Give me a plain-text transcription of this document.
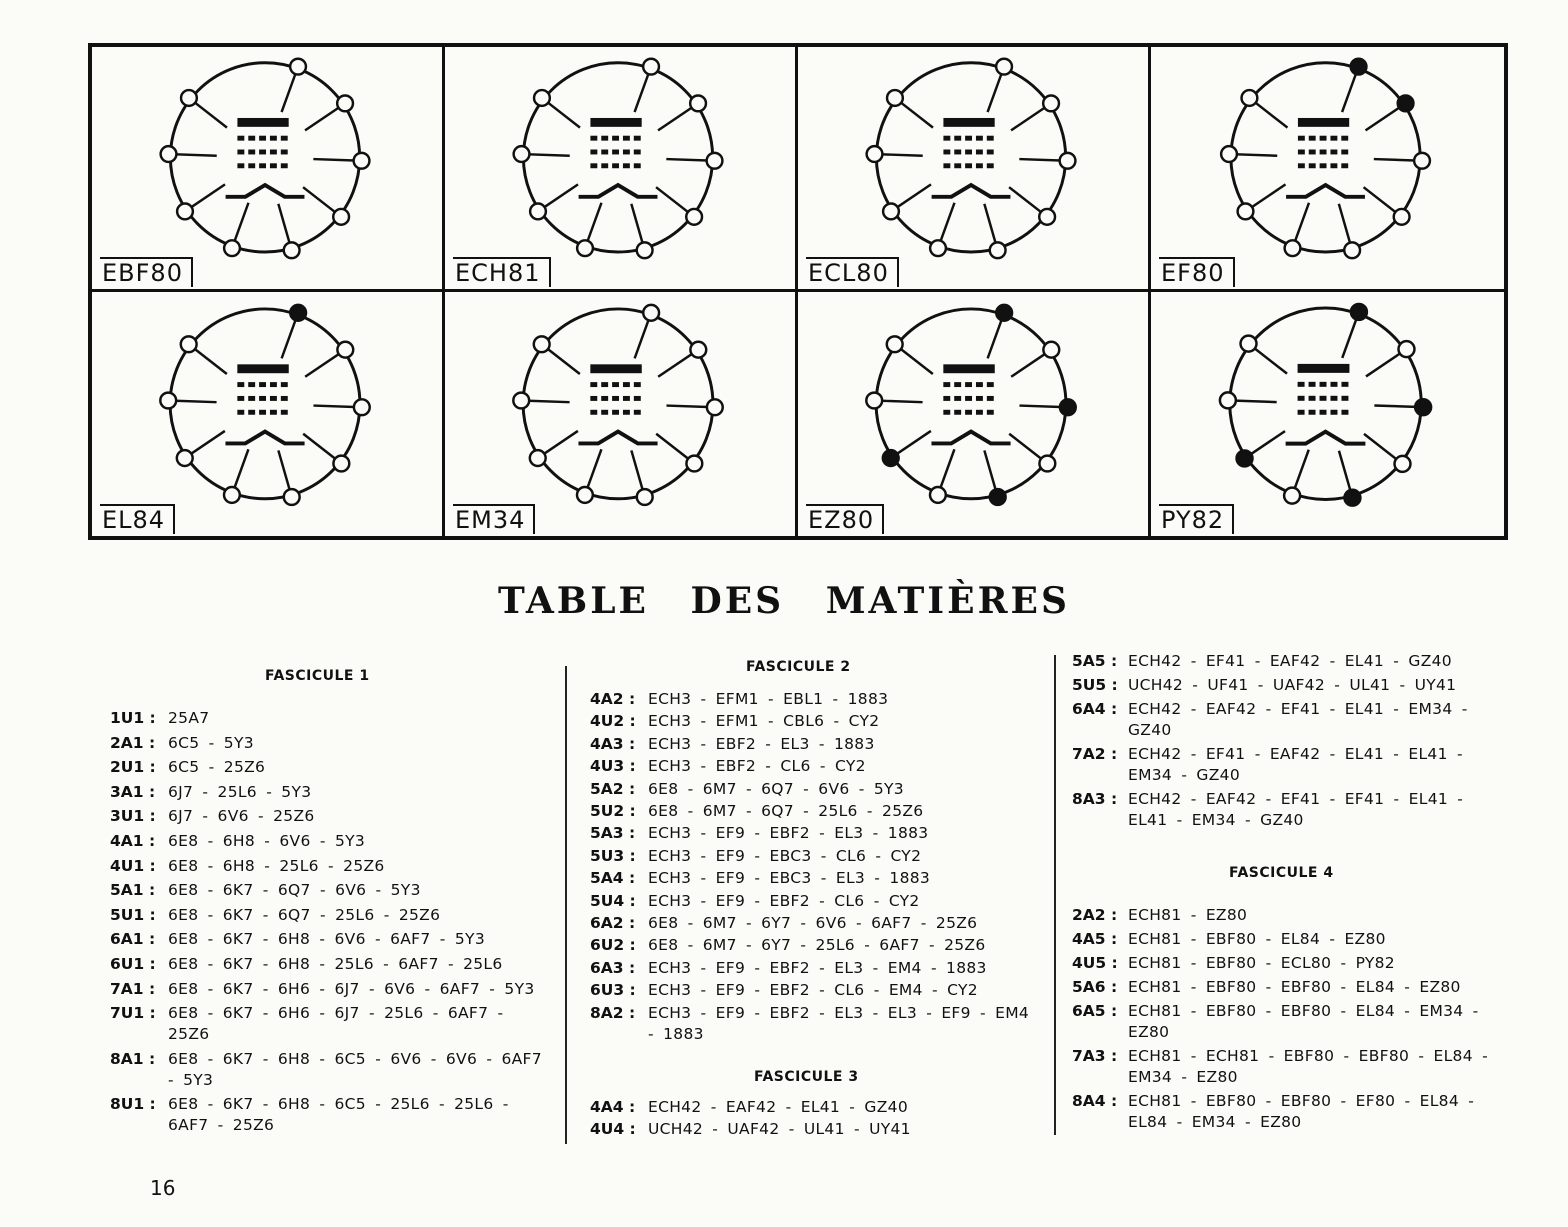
EBF80	ECH81	ECL80	EF80
EL84	EM34	EZ80	PY82
TABLE DES MATIÈRES
FASCICULE 1
1U1 : 25A7
2A1 : 6C5 - 5Y3
2U1 : 6C5 - 25Z6
3A1 : 6J7 - 25L6 - 5Y3
3U1 : 6J7 - 6V6 - 25Z6
4A1 : 6E8 - 6H8 - 6V6 - 5Y3
4U1 : 6E8 - 6H8 - 25L6 - 25Z6
5A1 : 6E8 - 6K7 - 6Q7 - 6V6 - 5Y3
5U1 : 6E8 - 6K7 - 6Q7 - 25L6 - 25Z6
6A1 : 6E8 - 6K7 - 6H8 - 6V6 - 6AF7 - 5Y3
6U1 : 6E8 - 6K7 - 6H8 - 25L6 - 6AF7 - 25L6
7A1 : 6E8 - 6K7 - 6H6 - 6J7 - 6V6 - 6AF7 - 5Y3
7U1 : 6E8 - 6K7 - 6H6 - 6J7 - 25L6 - 6AF7 - 25Z6
8A1 : 6E8 - 6K7 - 6H8 - 6C5 - 6V6 - 6V6 - 6AF7 - 5Y3
8U1 : 6E8 - 6K7 - 6H8 - 6C5 - 25L6 - 25L6 - 6AF7 - 25Z6
FASCICULE 2
4A2 : ECH3 - EFM1 - EBL1 - 1883
4U2 : ECH3 - EFM1 - CBL6 - CY2
4A3 : ECH3 - EBF2 - EL3 - 1883
4U3 : ECH3 - EBF2 - CL6 - CY2
5A2 : 6E8 - 6M7 - 6Q7 - 6V6 - 5Y3
5U2 : 6E8 - 6M7 - 6Q7 - 25L6 - 25Z6
5A3 : ECH3 - EF9 - EBF2 - EL3 - 1883
5U3 : ECH3 - EF9 - EBC3 - CL6 - CY2
5A4 : ECH3 - EF9 - EBC3 - EL3 - 1883
5U4 : ECH3 - EF9 - EBF2 - CL6 - CY2
6A2 : 6E8 - 6M7 - 6Y7 - 6V6 - 6AF7 - 25Z6
6U2 : 6E8 - 6M7 - 6Y7 - 25L6 - 6AF7 - 25Z6
6A3 : ECH3 - EF9 - EBF2 - EL3 - EM4 - 1883
6U3 : ECH3 - EF9 - EBF2 - CL6 - EM4 - CY2
8A2 : ECH3 - EF9 - EBF2 - EL3 - EL3 - EF9 - EM4 - 1883
FASCICULE 3
4A4 : ECH42 - EAF42 - EL41 - GZ40
4U4 : UCH42 - UAF42 - UL41 - UY41
5A5 : ECH42 - EF41 - EAF42 - EL41 - GZ40
5U5 : UCH42 - UF41 - UAF42 - UL41 - UY41
6A4 : ECH42 - EAF42 - EF41 - EL41 - EM34 - GZ40
7A2 : ECH42 - EF41 - EAF42 - EL41 - EL41 - EM34 - GZ40
8A3 : ECH42 - EAF42 - EF41 - EF41 - EL41 - EL41 - EM34 - GZ40
FASCICULE 4
2A2 : ECH81 - EZ80
4A5 : ECH81 - EBF80 - EL84 - EZ80
4U5 : ECH81 - EBF80 - ECL80 - PY82
5A6 : ECH81 - EBF80 - EBF80 - EL84 - EZ80
6A5 : ECH81 - EBF80 - EBF80 - EL84 - EM34 - EZ80
7A3 : ECH81 - ECH81 - EBF80 - EBF80 - EL84 - EM34 - EZ80
8A4 : ECH81 - EBF80 - EBF80 - EF80 - EL84 - EL84 - EM34 - EZ80
16
